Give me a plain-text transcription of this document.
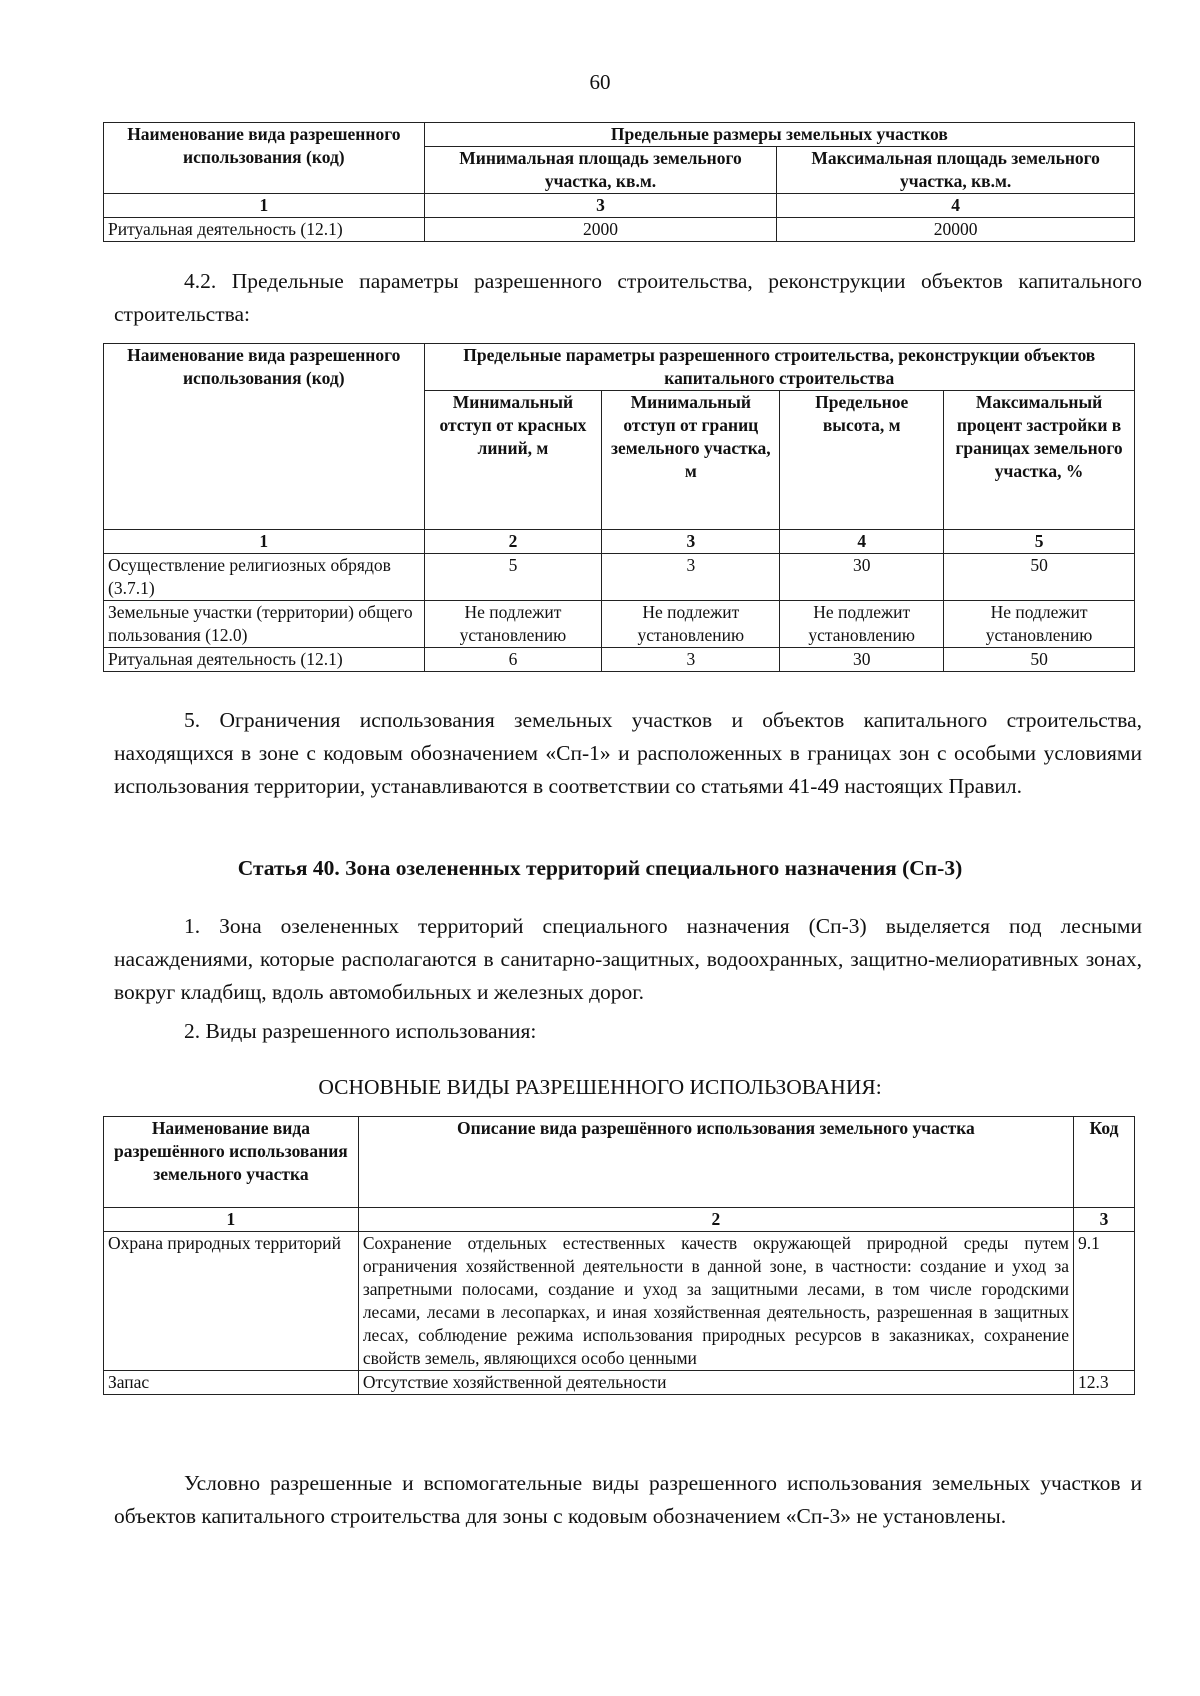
60
Наименование вида разрешенного использования (код)	Предельные размеры земельных участков	
	Минимальная площадь земельного участка, кв.м.	Максимальная площадь земельного участка, кв.м.
1	3	4
Ритуальная деятельность (12.1)	2000	20000
4.2. Предельные параметры разрешенного строительства, реконструкции объектов капитального строительства:
Наименование вида разрешенного использования (код)	Предельные параметры разрешенного строительства, реконструкции объектов капитального строительства			
	Минимальный отступ от красных линий, м	Минимальный отступ от границ земельного участка, м	Предельное высота, м	Максимальный процент застройки в границах земельного участка, %
1	2	3	4	5
Осуществление религиозных обрядов (3.7.1)	5	3	30	50
Земельные участки (территории) общего пользования (12.0)	Не подлежит установлению	Не подлежит установлению	Не подлежит установлению	Не подлежит установлению
Ритуальная деятельность (12.1)	6	3	30	50
5. Ограничения использования земельных участков и объектов капитального строительства, находящихся в зоне с кодовым обозначением «Сп-1» и расположенных в границах зон с особыми условиями использования территории, устанавливаются в соответствии со статьями 41-49 настоящих Правил.
Статья 40. Зона озелененных территорий специального назначения (Сп-3)
1. Зона озелененных территорий специального назначения (Сп-3) выделяется под лесными насаждениями, которые располагаются в санитарно-защитных, водоохранных, защитно-мелиоративных зонах, вокруг кладбищ, вдоль автомобильных и железных дорог.
2. Виды разрешенного использования:
ОСНОВНЫЕ ВИДЫ РАЗРЕШЕННОГО ИСПОЛЬЗОВАНИЯ:
Наименование вида разрешённого использования земельного участка	Описание вида разрешённого использования земельного участка	Код
1	2	3
Охрана природных территорий	Сохранение отдельных естественных качеств окружающей природной среды путем ограничения хозяйственной деятельности в данной зоне, в частности: создание и уход за запретными полосами, создание и уход за защитными лесами, в том числе городскими лесами, лесами в лесопарках, и иная хозяйственная деятельность, разрешенная в защитных лесах, соблюдение режима использования природных ресурсов в заказниках, сохранение свойств земель, являющихся особо ценными	9.1
Запас	Отсутствие хозяйственной деятельности	12.3
Условно разрешенные и вспомогательные виды разрешенного использования земельных участков и объектов капитального строительства для зоны с кодовым обозначением «Сп-3» не установлены.
